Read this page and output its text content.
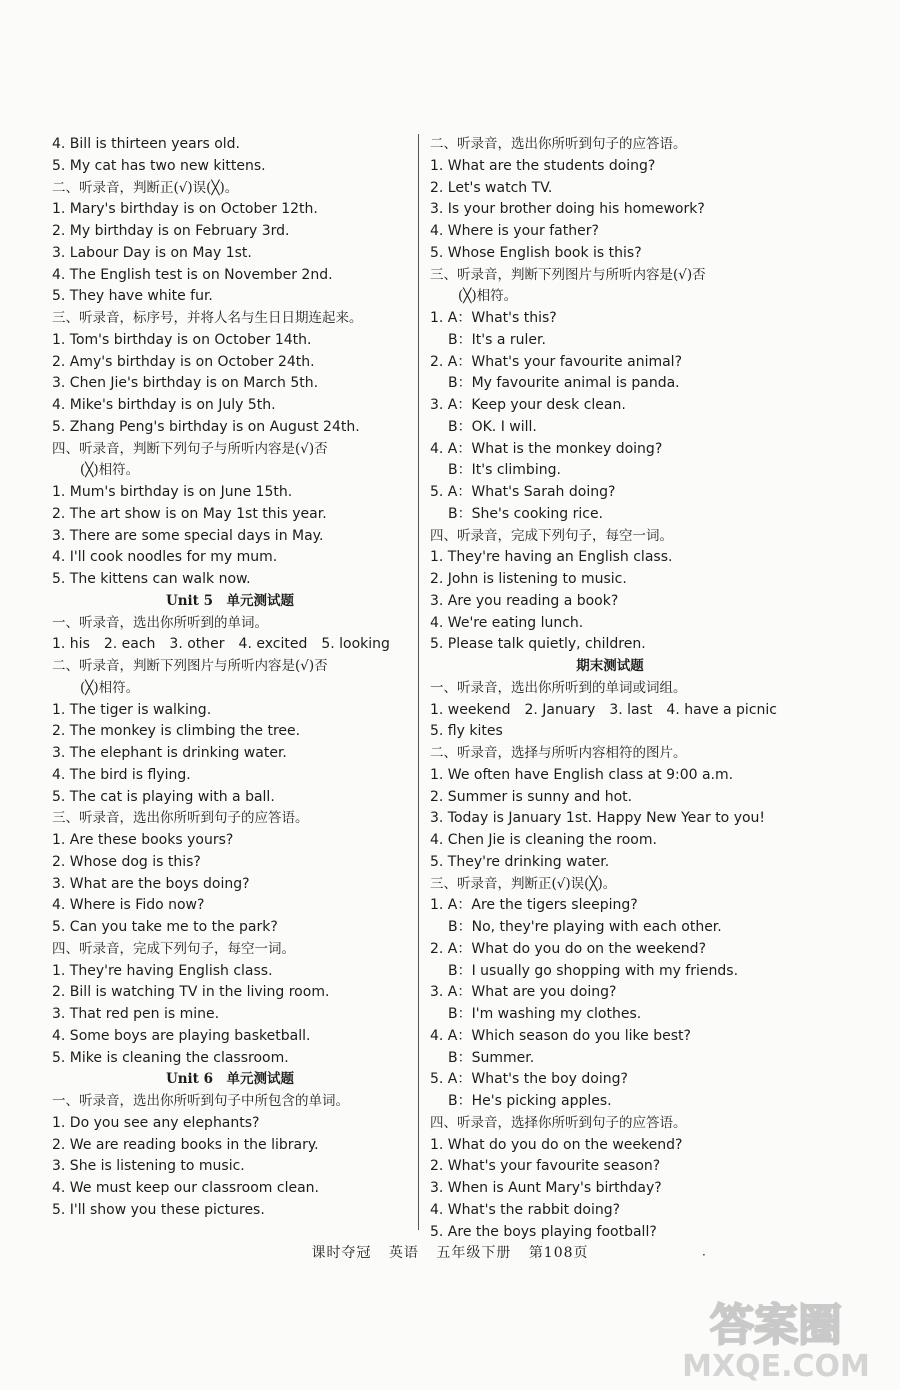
4. Bill is thirteen years old.
5. My cat has two new kittens.
二、听录音，判断正(√)误(╳)。
1. Mary's birthday is on October 12th.
2. My birthday is on February 3rd.
3. Labour Day is on May 1st.
4. The English test is on November 2nd.
5. They have white fur.
三、听录音，标序号，并将人名与生日日期连起来。
1. Tom's birthday is on October 14th.
2. Amy's birthday is on October 24th.
3. Chen Jie's birthday is on March 5th.
4. Mike's birthday is on July 5th.
5. Zhang Peng's birthday is on August 24th.
四、听录音，判断下列句子与所听内容是(√)否
(╳)相符。
1. Mum's birthday is on June 15th.
2. The art show is on May 1st this year.
3. There are some special days in May.
4. I'll cook noodles for my mum.
5. The kittens can walk now.
Unit 5　单元测试题
一、听录音，选出你所听到的单词。
1. his　2. each　3. other　4. excited　5. looking
二、听录音，判断下列图片与所听内容是(√)否
(╳)相符。
1. The tiger is walking.
2. The monkey is climbing the tree.
3. The elephant is drinking water.
4. The bird is flying.
5. The cat is playing with a ball.
三、听录音，选出你所听到句子的应答语。
1. Are these books yours?
2. Whose dog is this?
3. What are the boys doing?
4. Where is Fido now?
5. Can you take me to the park?
四、听录音，完成下列句子，每空一词。
1. They're having English class.
2. Bill is watching TV in the living room.
3. That red pen is mine.
4. Some boys are playing basketball.
5. Mike is cleaning the classroom.
Unit 6　单元测试题
一、听录音，选出你所听到句子中所包含的单词。
1. Do you see any elephants?
2. We are reading books in the library.
3. She is listening to music.
4. We must keep our classroom clean.
5. I'll show you these pictures.
二、听录音，选出你所听到句子的应答语。
1. What are the students doing?
2. Let's watch TV.
3. Is your brother doing his homework?
4. Where is your father?
5. Whose English book is this?
三、听录音，判断下列图片与所听内容是(√)否
(╳)相符。
1. A：What's this?
B：It's a ruler.
2. A：What's your favourite animal?
B：My favourite animal is panda.
3. A：Keep your desk clean.
B：OK. I will.
4. A：What is the monkey doing?
B：It's climbing.
5. A：What's Sarah doing?
B：She's cooking rice.
四、听录音，完成下列句子，每空一词。
1. They're having an English class.
2. John is listening to music.
3. Are you reading a book?
4. We're eating lunch.
5. Please talk quietly, children.
期末测试题
一、听录音，选出你所听到的单词或词组。
1. weekend　2. January　3. last　4. have a picnic
5. fly kites
二、听录音，选择与所听内容相符的图片。
1. We often have English class at 9:00 a.m.
2. Summer is sunny and hot.
3. Today is January 1st. Happy New Year to you!
4. Chen Jie is cleaning the room.
5. They're drinking water.
三、听录音，判断正(√)误(╳)。
1. A：Are the tigers sleeping?
B：No, they're playing with each other.
2. A：What do you do on the weekend?
B：I usually go shopping with my friends.
3. A：What are you doing?
B：I'm washing my clothes.
4. A：Which season do you like best?
B：Summer.
5. A：What's the boy doing?
B：He's picking apples.
四、听录音，选择你所听到句子的应答语。
1. What do you do on the weekend?
2. What's your favourite season?
3. When is Aunt Mary's birthday?
4. What's the rabbit doing?
5. Are the boys playing football?
课时夺冠 英语 五年级下册 第108页	·
答案圈
MXQE.COM
